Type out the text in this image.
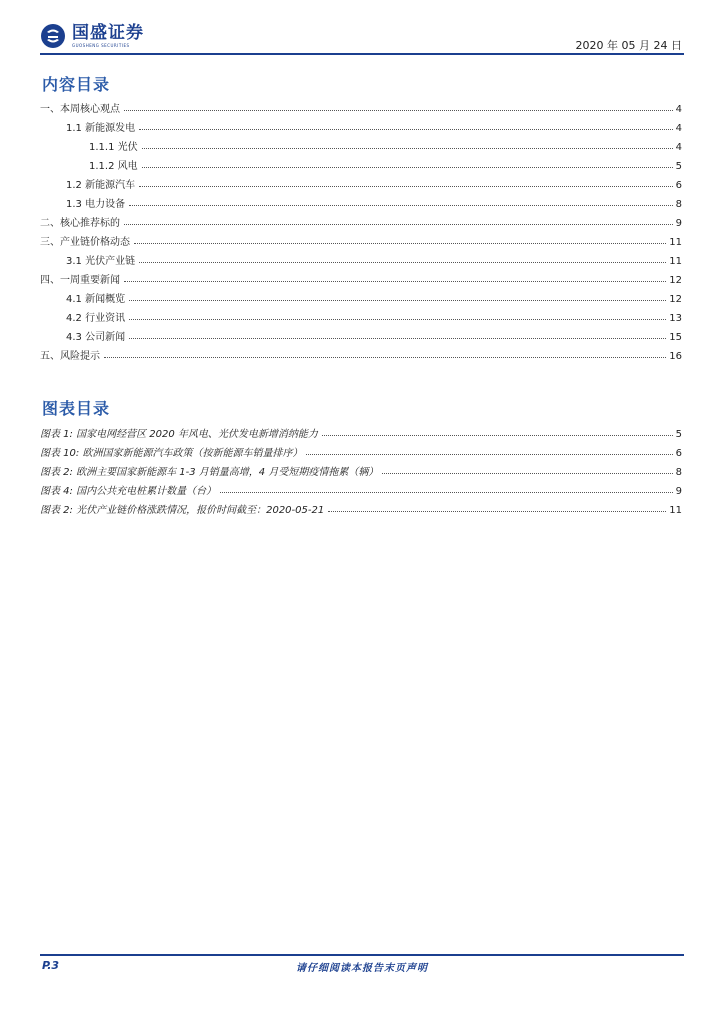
国盛证券
GUOSHENG SECURITIES	2020 年 05 月 24 日
内容目录
一、本周核心观点	4
1.1 新能源发电	4
1.1.1 光伏	4
1.1.2 风电	5
1.2 新能源汽车	6
1.3 电力设备	8
二、核心推荐标的	9
三、产业链价格动态	11
3.1 光伏产业链	11
四、一周重要新闻	12
4.1 新闻概览	12
4.2 行业资讯	13
4.3 公司新闻	15
五、风险提示	16
图表目录
图表 1: 国家电网经营区 2020 年风电、光伏发电新增消纳能力	5
图表 10: 欧洲国家新能源汽车政策（按新能源车销量排序）	6
图表 2: 欧洲主要国家新能源车 1-3 月销量高增，4 月受短期疫情拖累（辆）	8
图表 4: 国内公共充电桩累计数量（台）	9
图表 2: 光伏产业链价格涨跌情况，报价时间截至：2020-05-21	11
P.3	请仔细阅读本报告末页声明
